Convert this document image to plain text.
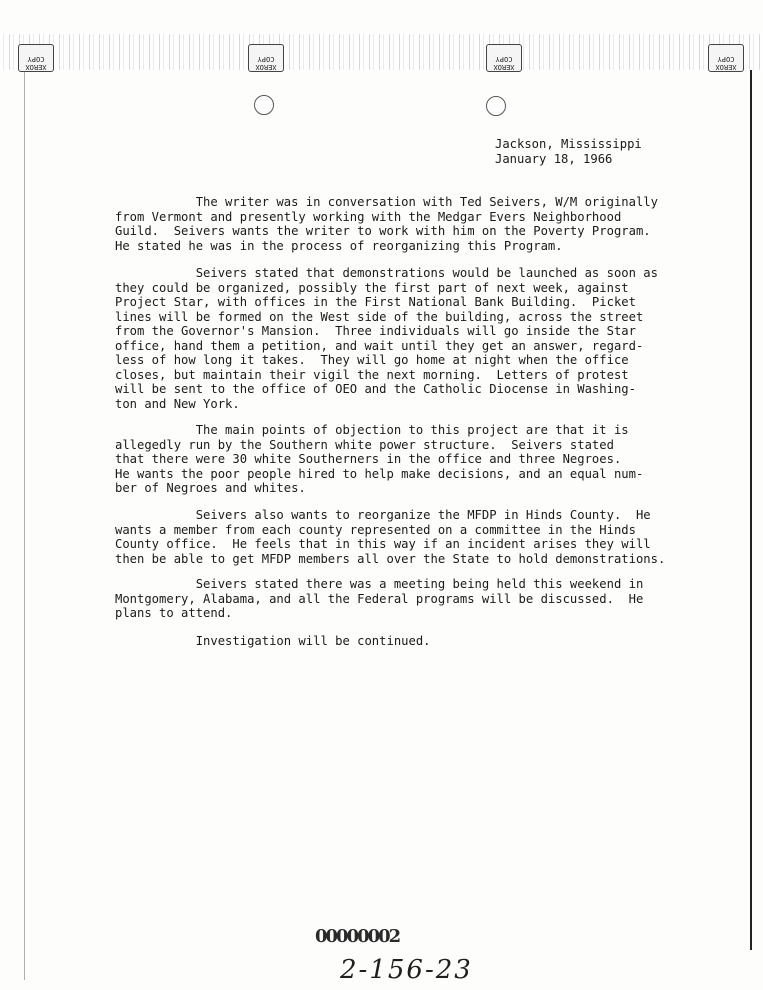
XEROX COPY
XEROX COPY
XEROX COPY
XEROX COPY
Jackson, Mississippi
January 18, 1966
The writer was in conversation with Ted Seivers, W/M originally
from Vermont and presently working with the Medgar Evers Neighborhood
Guild.  Seivers wants the writer to work with him on the Poverty Program.
He stated he was in the process of reorganizing this Program.
Seivers stated that demonstrations would be launched as soon as
they could be organized, possibly the first part of next week, against
Project Star, with offices in the First National Bank Building.  Picket
lines will be formed on the West side of the building, across the street
from the Governor's Mansion.  Three individuals will go inside the Star
office, hand them a petition, and wait until they get an answer, regard-
less of how long it takes.  They will go home at night when the office
closes, but maintain their vigil the next morning.  Letters of protest
will be sent to the office of OEO and the Catholic Diocense in Washing-
ton and New York.
The main points of objection to this project are that it is
allegedly run by the Southern white power structure.  Seivers stated
that there were 30 white Southerners in the office and three Negroes.
He wants the poor people hired to help make decisions, and an equal num-
ber of Negroes and whites.
Seivers also wants to reorganize the MFDP in Hinds County.  He
wants a member from each county represented on a committee in the Hinds
County office.  He feels that in this way if an incident arises they will
then be able to get MFDP members all over the State to hold demonstrations.
Seivers stated there was a meeting being held this weekend in
Montgomery, Alabama, and all the Federal programs will be discussed.  He
plans to attend.
Investigation will be continued.
00000002
2-156-23
